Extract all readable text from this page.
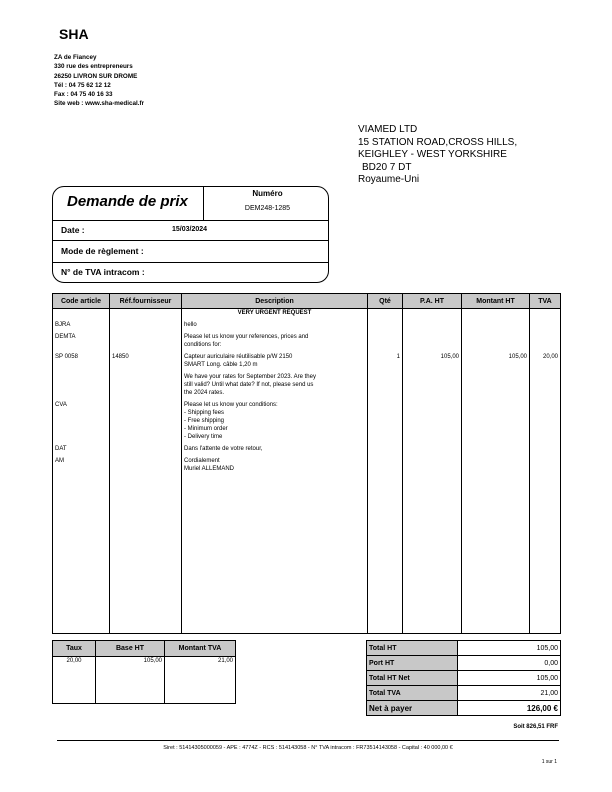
SHA
ZA de Fiancey
330 rue des entrepreneurs
26250 LIVRON SUR DROME
Tél : 04 75 62 12 12
Fax : 04 75 40 16 33
Site web : www.sha-medical.fr
VIAMED LTD
15 STATION ROAD,CROSS HILLS,
KEIGHLEY - WEST YORKSHIRE
BD20 7 DT
Royaume-Uni
Demande de prix	Numéro
DEM248-1285
Date :	15/03/2024
Mode de règlement :
N° de TVA intracom :
Code article	Réf.fournisseur	Description	Qté	P.A. HT	Montant HT	TVA

		VERY URGENT REQUEST				

BJRA		hello				

DEMTA		Please let us know your references, prices and
conditions for:				

SP 0058	14850	Capteur auriculaire réutilisable p/W 2150
SMART Long. câble 1,20 m	1	105,00	105,00	20,00

		We have your rates for September 2023. Are they
still valid? Until what date? If not, please send us
the 2024 rates.				

CVA		Please let us know your conditions:
- Shipping fees
- Free shipping
- Minimum order
- Delivery time				

DAT		Dans l'attente de votre retour,				

AM		Cordialement
Muriel ALLEMAND				

Taux	Base HT	Montant TVA
20,00	105,00	21,00
Total HT	105,00
Port HT	0,00
Total HT Net	105,00
Total TVA	21,00
Net à payer	126,00 €
Soit 826,51 FRF
Siret : 51414305000059 - APE : 4774Z - RCS : 514143058 - N° TVA intracom : FR73514143058 - Capital : 40 000,00 €
1 sur 1
